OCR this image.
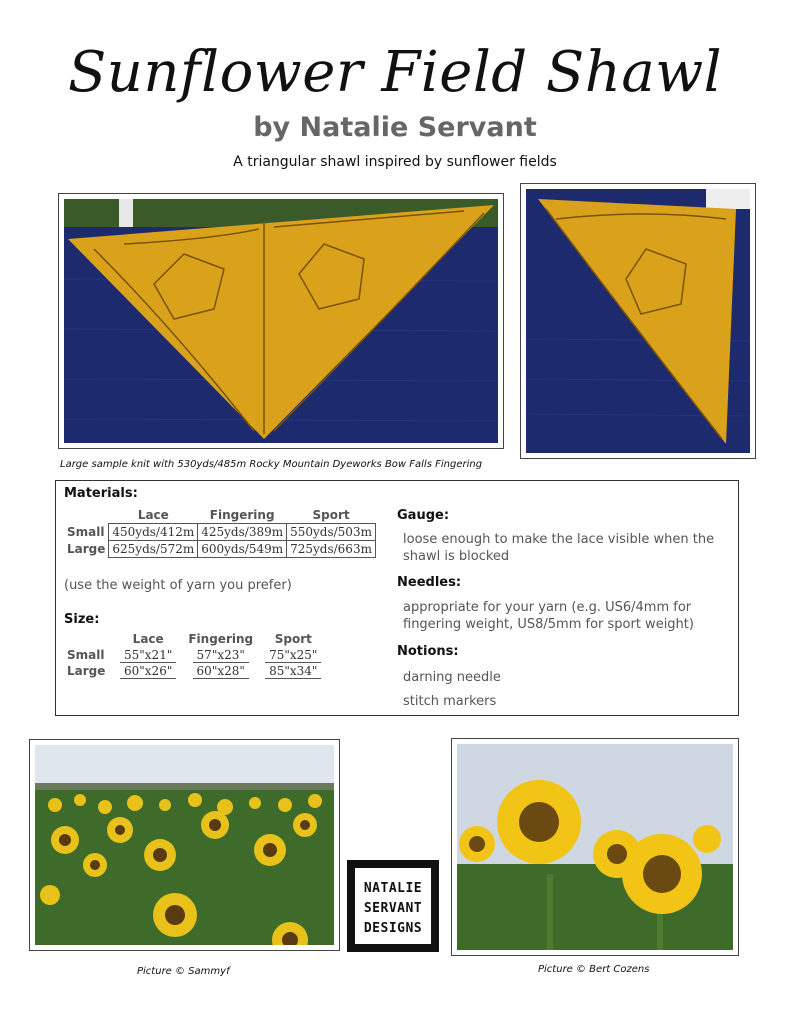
Sunflower Field Shawl
by Natalie Servant
A triangular shawl inspired by sunflower fields
Large sample knit with 530yds/485m Rocky Mountain Dyeworks Bow Falls Fingering
Materials:
	Lace	Fingering	Sport
Small	450yds/412m	425yds/389m	550yds/503m
Large	625yds/572m	600yds/549m	725yds/663m
(use the weight of yarn you prefer)
Size:
	Lace	Fingering	Sport
Small	55"x21"	57"x23"	75"x25"
Large	60"x26"	60"x28"	85"x34"
Gauge:
loose enough to make the lace visible when the shawl is blocked
Needles:
appropriate for your yarn (e.g. US6/4mm for fingering weight, US8/5mm for sport weight)
Notions:
darning needle
stitch markers
Picture © Sammyf
NATALIE
SERVANT
DESIGNS
Picture © Bert Cozens
